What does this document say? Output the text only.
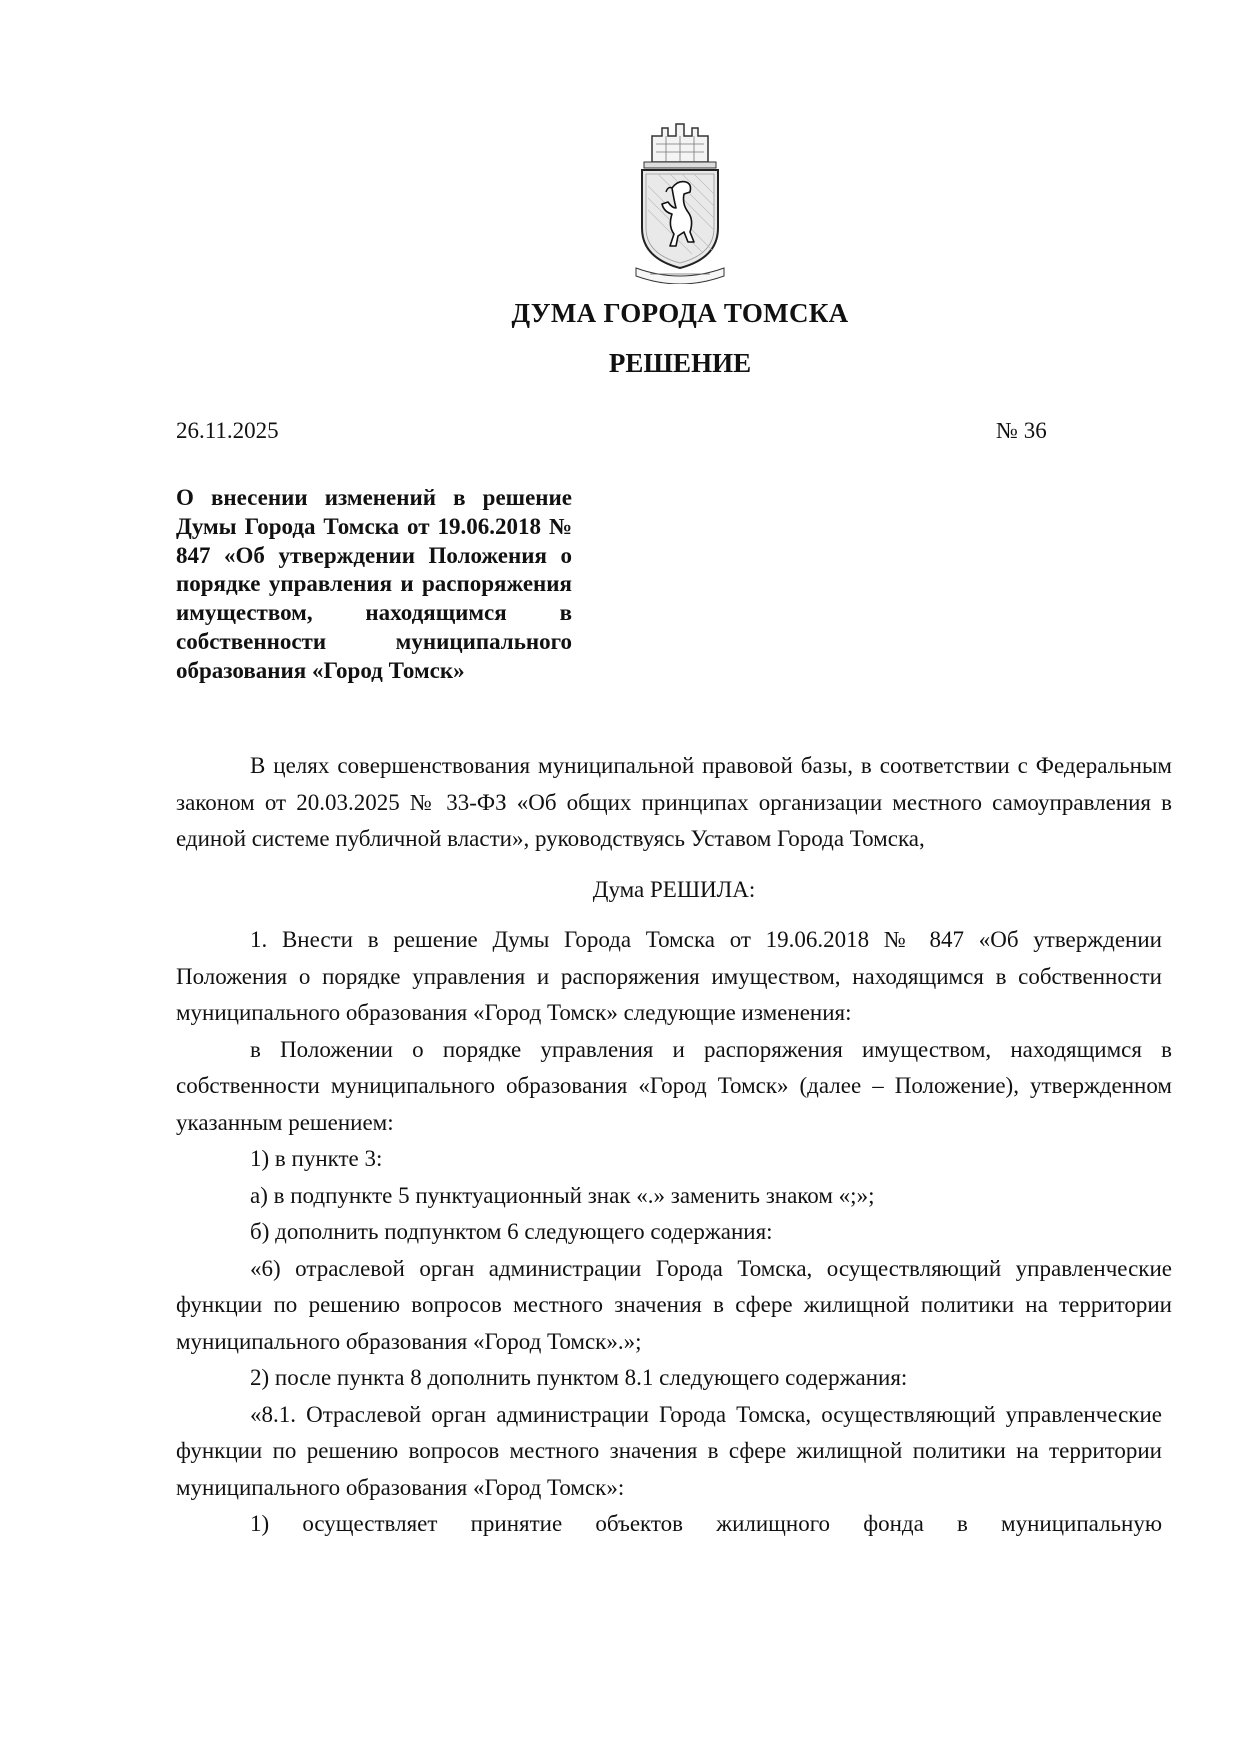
ДУМА ГОРОДА ТОМСКА
РЕШЕНИЕ
26.11.2025	№ 36
О внесении изменений в решение Думы Города Томска от 19.06.2018 № 847 «Об утверждении Положения о порядке управления и распоряжения имуществом, находящимся в собственности муниципального образования «Город Томск»

В целях совершенствования муниципальной правовой базы, в соответствии с Федеральным законом от 20.03.2025 № 33-ФЗ «Об общих принципах организации местного самоуправления в единой системе публичной власти», руководствуясь Уставом Города Томска,

Дума РЕШИЛА:

1. Внести в решение Думы Города Томска от 19.06.2018 № 847 «Об утверждении Положения о порядке управления и распоряжения имуществом, находящимся в собственности муниципального образования «Город Томск» следующие изменения:

в Положении о порядке управления и распоряжения имуществом, находящимся в собственности муниципального образования «Город Томск» (далее – Положение), утвержденном указанным решением:

1) в пункте 3:

а) в подпункте 5 пунктуационный знак «.» заменить знаком «;»;

б) дополнить подпунктом 6 следующего содержания:

«6) отраслевой орган администрации Города Томска, осуществляющий управленческие функции по решению вопросов местного значения в сфере жилищной политики на территории муниципального образования «Город Томск».»;

2) после пункта 8 дополнить пунктом 8.1 следующего содержания:

«8.1. Отраслевой орган администрации Города Томска, осуществляющий управленческие функции по решению вопросов местного значения в сфере жилищной политики на территории муниципального образования «Город Томск»:

1) осуществляет принятие объектов жилищного фонда в муниципальную
